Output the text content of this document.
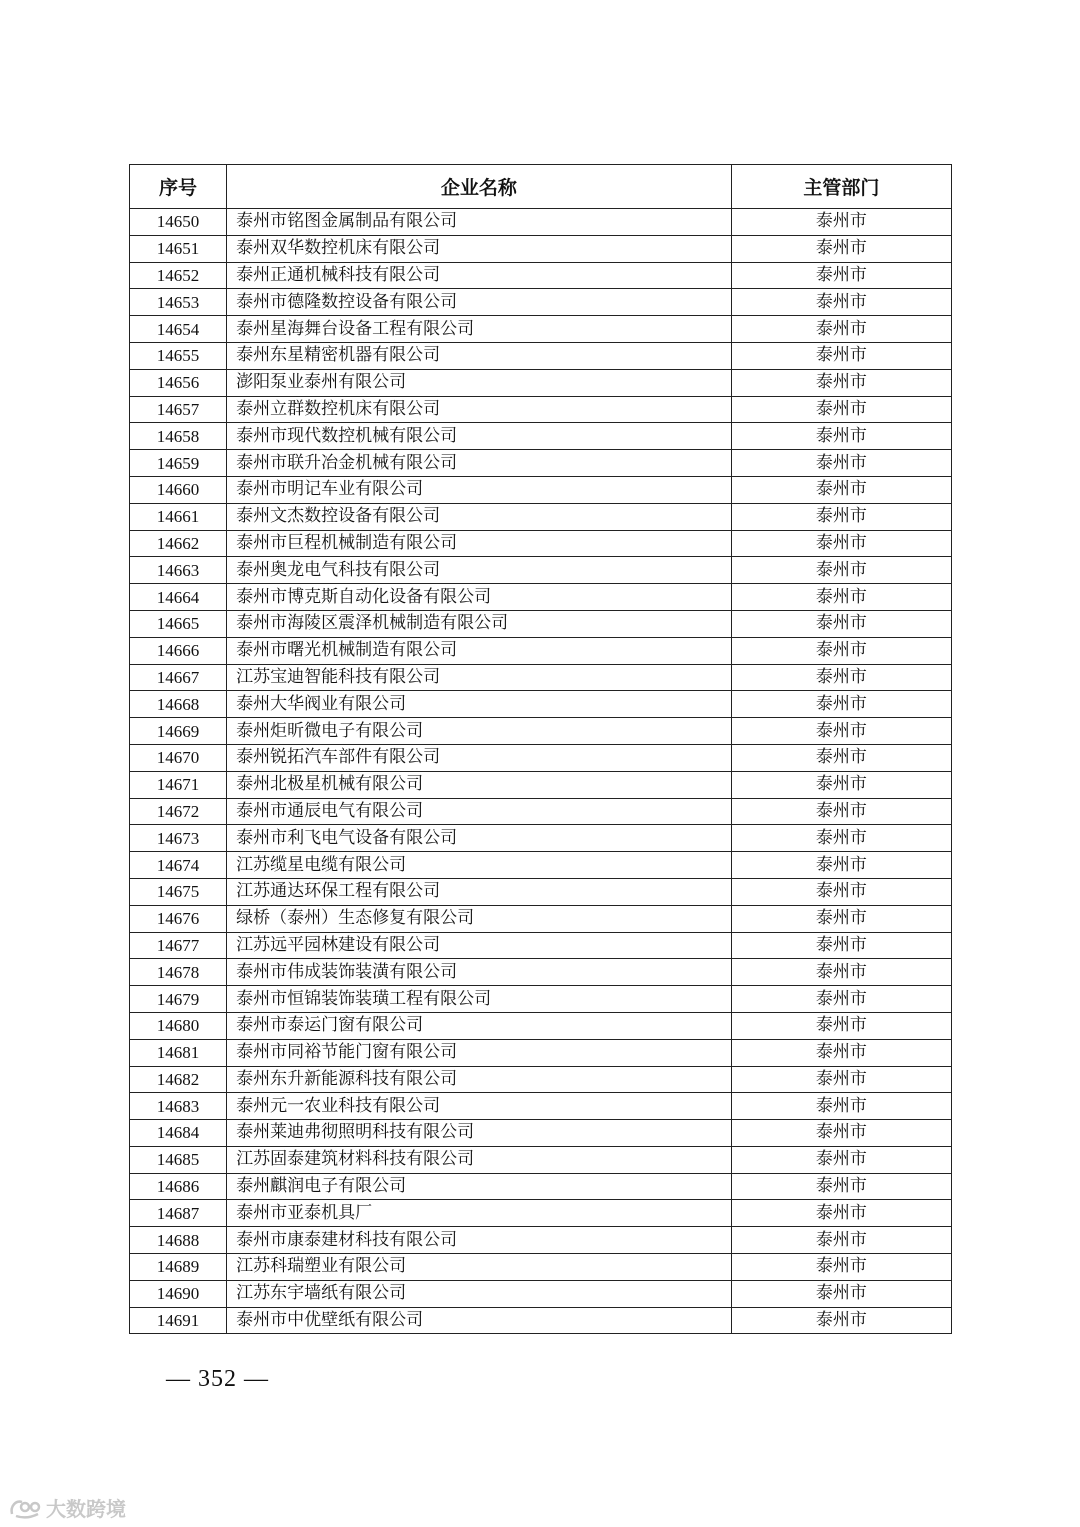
序号	企业名称	主管部门
14650	泰州市铭图金属制品有限公司	泰州市
14651	泰州双华数控机床有限公司	泰州市
14652	泰州正通机械科技有限公司	泰州市
14653	泰州市德隆数控设备有限公司	泰州市
14654	泰州星海舞台设备工程有限公司	泰州市
14655	泰州东星精密机器有限公司	泰州市
14656	澎阳泵业泰州有限公司	泰州市
14657	泰州立群数控机床有限公司	泰州市
14658	泰州市现代数控机械有限公司	泰州市
14659	泰州市联升冶金机械有限公司	泰州市
14660	泰州市明记车业有限公司	泰州市
14661	泰州文杰数控设备有限公司	泰州市
14662	泰州市巨程机械制造有限公司	泰州市
14663	泰州奥龙电气科技有限公司	泰州市
14664	泰州市博克斯自动化设备有限公司	泰州市
14665	泰州市海陵区震泽机械制造有限公司	泰州市
14666	泰州市曙光机械制造有限公司	泰州市
14667	江苏宝迪智能科技有限公司	泰州市
14668	泰州大华阀业有限公司	泰州市
14669	泰州炬昕微电子有限公司	泰州市
14670	泰州锐拓汽车部件有限公司	泰州市
14671	泰州北极星机械有限公司	泰州市
14672	泰州市通辰电气有限公司	泰州市
14673	泰州市利飞电气设备有限公司	泰州市
14674	江苏缆星电缆有限公司	泰州市
14675	江苏通达环保工程有限公司	泰州市
14676	绿桥（泰州）生态修复有限公司	泰州市
14677	江苏远平园林建设有限公司	泰州市
14678	泰州市伟成装饰装潢有限公司	泰州市
14679	泰州市恒锦装饰装璜工程有限公司	泰州市
14680	泰州市泰运门窗有限公司	泰州市
14681	泰州市同裕节能门窗有限公司	泰州市
14682	泰州东升新能源科技有限公司	泰州市
14683	泰州元一农业科技有限公司	泰州市
14684	泰州莱迪弗彻照明科技有限公司	泰州市
14685	江苏固泰建筑材料科技有限公司	泰州市
14686	泰州麒润电子有限公司	泰州市
14687	泰州市亚泰机具厂	泰州市
14688	泰州市康泰建材科技有限公司	泰州市
14689	江苏科瑞塑业有限公司	泰州市
14690	江苏东宇墙纸有限公司	泰州市
14691	泰州市中优壁纸有限公司	泰州市
— 352 —
大数跨境
